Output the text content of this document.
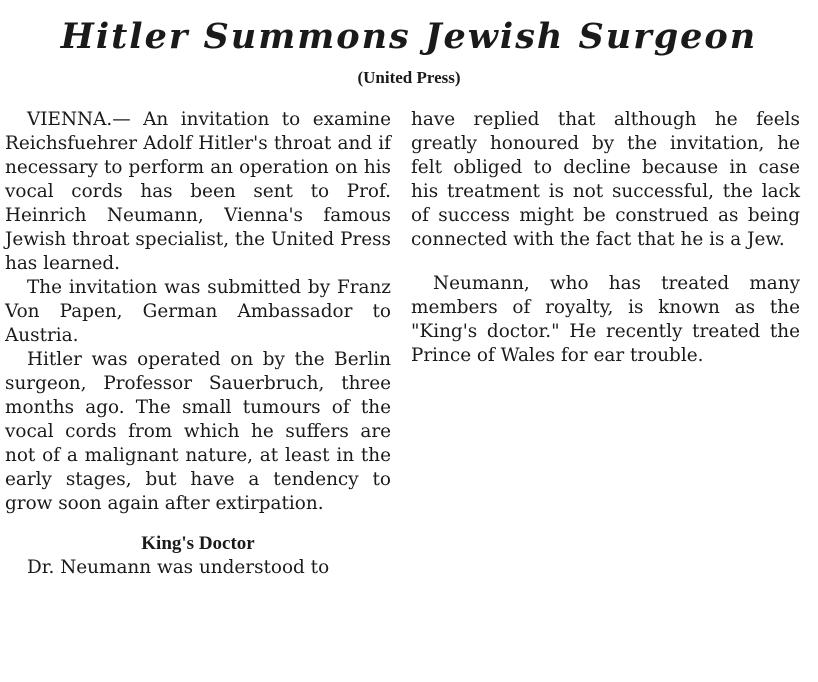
Hitler Summons Jewish Surgeon
(United Press)

VIENNA.— An invitation to examine Reichsfuehrer Adolf Hitler's throat and if necessary to perform an operation on his vocal cords has been sent to Prof. Heinrich Neumann, Vienna's famous Jewish throat specialist, the United Press has learned.

The invitation was submitted by Franz Von Papen, German Ambassador to Austria.

Hitler was operated on by the Berlin surgeon, Professor Sauerbruch, three months ago. The small tumours of the vocal cords from which he suffers are not of a malignant nature, at least in the early stages, but have a tendency to grow soon again after extirpation.

King's Doctor

Dr. Neumann was understood to

have replied that although he feels greatly honoured by the invitation, he felt obliged to decline because in case his treatment is not successful, the lack of success might be construed as being connected with the fact that he is a Jew.

Neumann, who has treated many members of royalty, is known as the "King's doctor." He recently treated the Prince of Wales for ear trouble.
